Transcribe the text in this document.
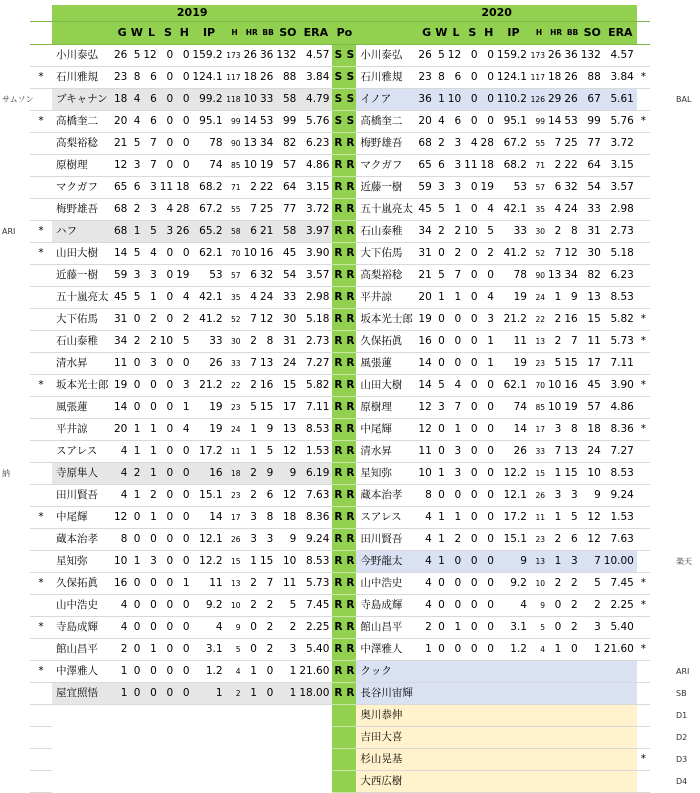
	2019														2020												
		G	W	L	S	H	IP	H	HR	BB	SO	ERA	Po			G	W	L	S	H	IP	H	HR	BB	SO	ERA	
	小川泰弘	26	5	12	0	0	159.2	173	26	36	132	4.57	S	S	小川泰弘	26	5	12	0	0	159.2	173	26	36	132	4.57	
*	石川雅規	23	8	6	0	0	124.1	117	18	26	88	3.84	S	S	石川雅規	23	8	6	0	0	124.1	117	18	26	88	3.84	*
	ブキャナン	18	4	6	0	0	99.2	118	10	33	58	4.79	S	S	イノア	36	1	10	0	0	110.2	126	29	26	67	5.61	
*	高橋奎二	20	4	6	0	0	95.1	99	14	53	99	5.76	S	S	高橋奎二	20	4	6	0	0	95.1	99	14	53	99	5.76	*
	高梨裕稔	21	5	7	0	0	78	90	13	34	82	6.23	R	R	梅野雄吾	68	2	3	4	28	67.2	55	7	25	77	3.72	
	原樹理	12	3	7	0	0	74	85	10	19	57	4.86	R	R	マクガフ	65	6	3	11	18	68.2	71	2	22	64	3.15	
	マクガフ	65	6	3	11	18	68.2	71	2	22	64	3.15	R	R	近藤一樹	59	3	3	0	19	53	57	6	32	54	3.57	
	梅野雄吾	68	2	3	4	28	67.2	55	7	25	77	3.72	R	R	五十嵐亮太	45	5	1	0	4	42.1	35	4	24	33	2.98	
*	ハフ	68	1	5	3	26	65.2	58	6	21	58	3.97	R	R	石山泰稚	34	2	2	10	5	33	30	2	8	31	2.73	
*	山田大樹	14	5	4	0	0	62.1	70	10	16	45	3.90	R	R	大下佑馬	31	0	2	0	2	41.2	52	7	12	30	5.18	
	近藤一樹	59	3	3	0	19	53	57	6	32	54	3.57	R	R	高梨裕稔	21	5	7	0	0	78	90	13	34	82	6.23	
	五十嵐亮太	45	5	1	0	4	42.1	35	4	24	33	2.98	R	R	平井諒	20	1	1	0	4	19	24	1	9	13	8.53	
	大下佑馬	31	0	2	0	2	41.2	52	7	12	30	5.18	R	R	坂本光士郎	19	0	0	0	3	21.2	22	2	16	15	5.82	*
	石山泰稚	34	2	2	10	5	33	30	2	8	31	2.73	R	R	久保拓眞	16	0	0	0	1	11	13	2	7	11	5.73	*
	清水昇	11	0	3	0	0	26	33	7	13	24	7.27	R	R	風張蓮	14	0	0	0	1	19	23	5	15	17	7.11	
*	坂本光士郎	19	0	0	0	3	21.2	22	2	16	15	5.82	R	R	山田大樹	14	5	4	0	0	62.1	70	10	16	45	3.90	*
	風張蓮	14	0	0	0	1	19	23	5	15	17	7.11	R	R	原樹理	12	3	7	0	0	74	85	10	19	57	4.86	
	平井諒	20	1	1	0	4	19	24	1	9	13	8.53	R	R	中尾輝	12	0	1	0	0	14	17	3	8	18	8.36	*
	スアレス	4	1	1	0	0	17.2	11	1	5	12	1.53	R	R	清水昇	11	0	3	0	0	26	33	7	13	24	7.27	
	寺原隼人	4	2	1	0	0	16	18	2	9	9	6.19	R	R	星知弥	10	1	3	0	0	12.2	15	1	15	10	8.53	
	田川賢吾	4	1	2	0	0	15.1	23	2	6	12	7.63	R	R	蔵本治孝	8	0	0	0	0	12.1	26	3	3	9	9.24	
*	中尾輝	12	0	1	0	0	14	17	3	8	18	8.36	R	R	スアレス	4	1	1	0	0	17.2	11	1	5	12	1.53	
	蔵本治孝	8	0	0	0	0	12.1	26	3	3	9	9.24	R	R	田川賢吾	4	1	2	0	0	15.1	23	2	6	12	7.63	
	星知弥	10	1	3	0	0	12.2	15	1	15	10	8.53	R	R	今野龍太	4	1	0	0	0	9	13	1	3	7	10.00	
*	久保拓眞	16	0	0	0	1	11	13	2	7	11	5.73	R	R	山中浩史	4	0	0	0	0	9.2	10	2	2	5	7.45	*
	山中浩史	4	0	0	0	0	9.2	10	2	2	5	7.45	R	R	寺島成輝	4	0	0	0	0	4	9	0	2	2	2.25	*
*	寺島成輝	4	0	0	0	0	4	9	0	2	2	2.25	R	R	館山昌平	2	0	1	0	0	3.1	5	0	2	3	5.40	
	館山昌平	2	0	1	0	0	3.1	5	0	2	3	5.40	R	R	中澤雅人	1	0	0	0	0	1.2	4	1	0	1	21.60	*
*	中澤雅人	1	0	0	0	0	1.2	4	1	0	1	21.60	R	R	クック												
	屋宜照悟	1	0	0	0	0	1	2	1	0	1	18.00	R	R	長谷川宙輝												
															奥川恭伸												
															吉田大喜												
															杉山晃基												*
															大西広樹												
サムソン	BAL
ARI
納
楽天
ARI
SB
D1
D2
D3
D4
